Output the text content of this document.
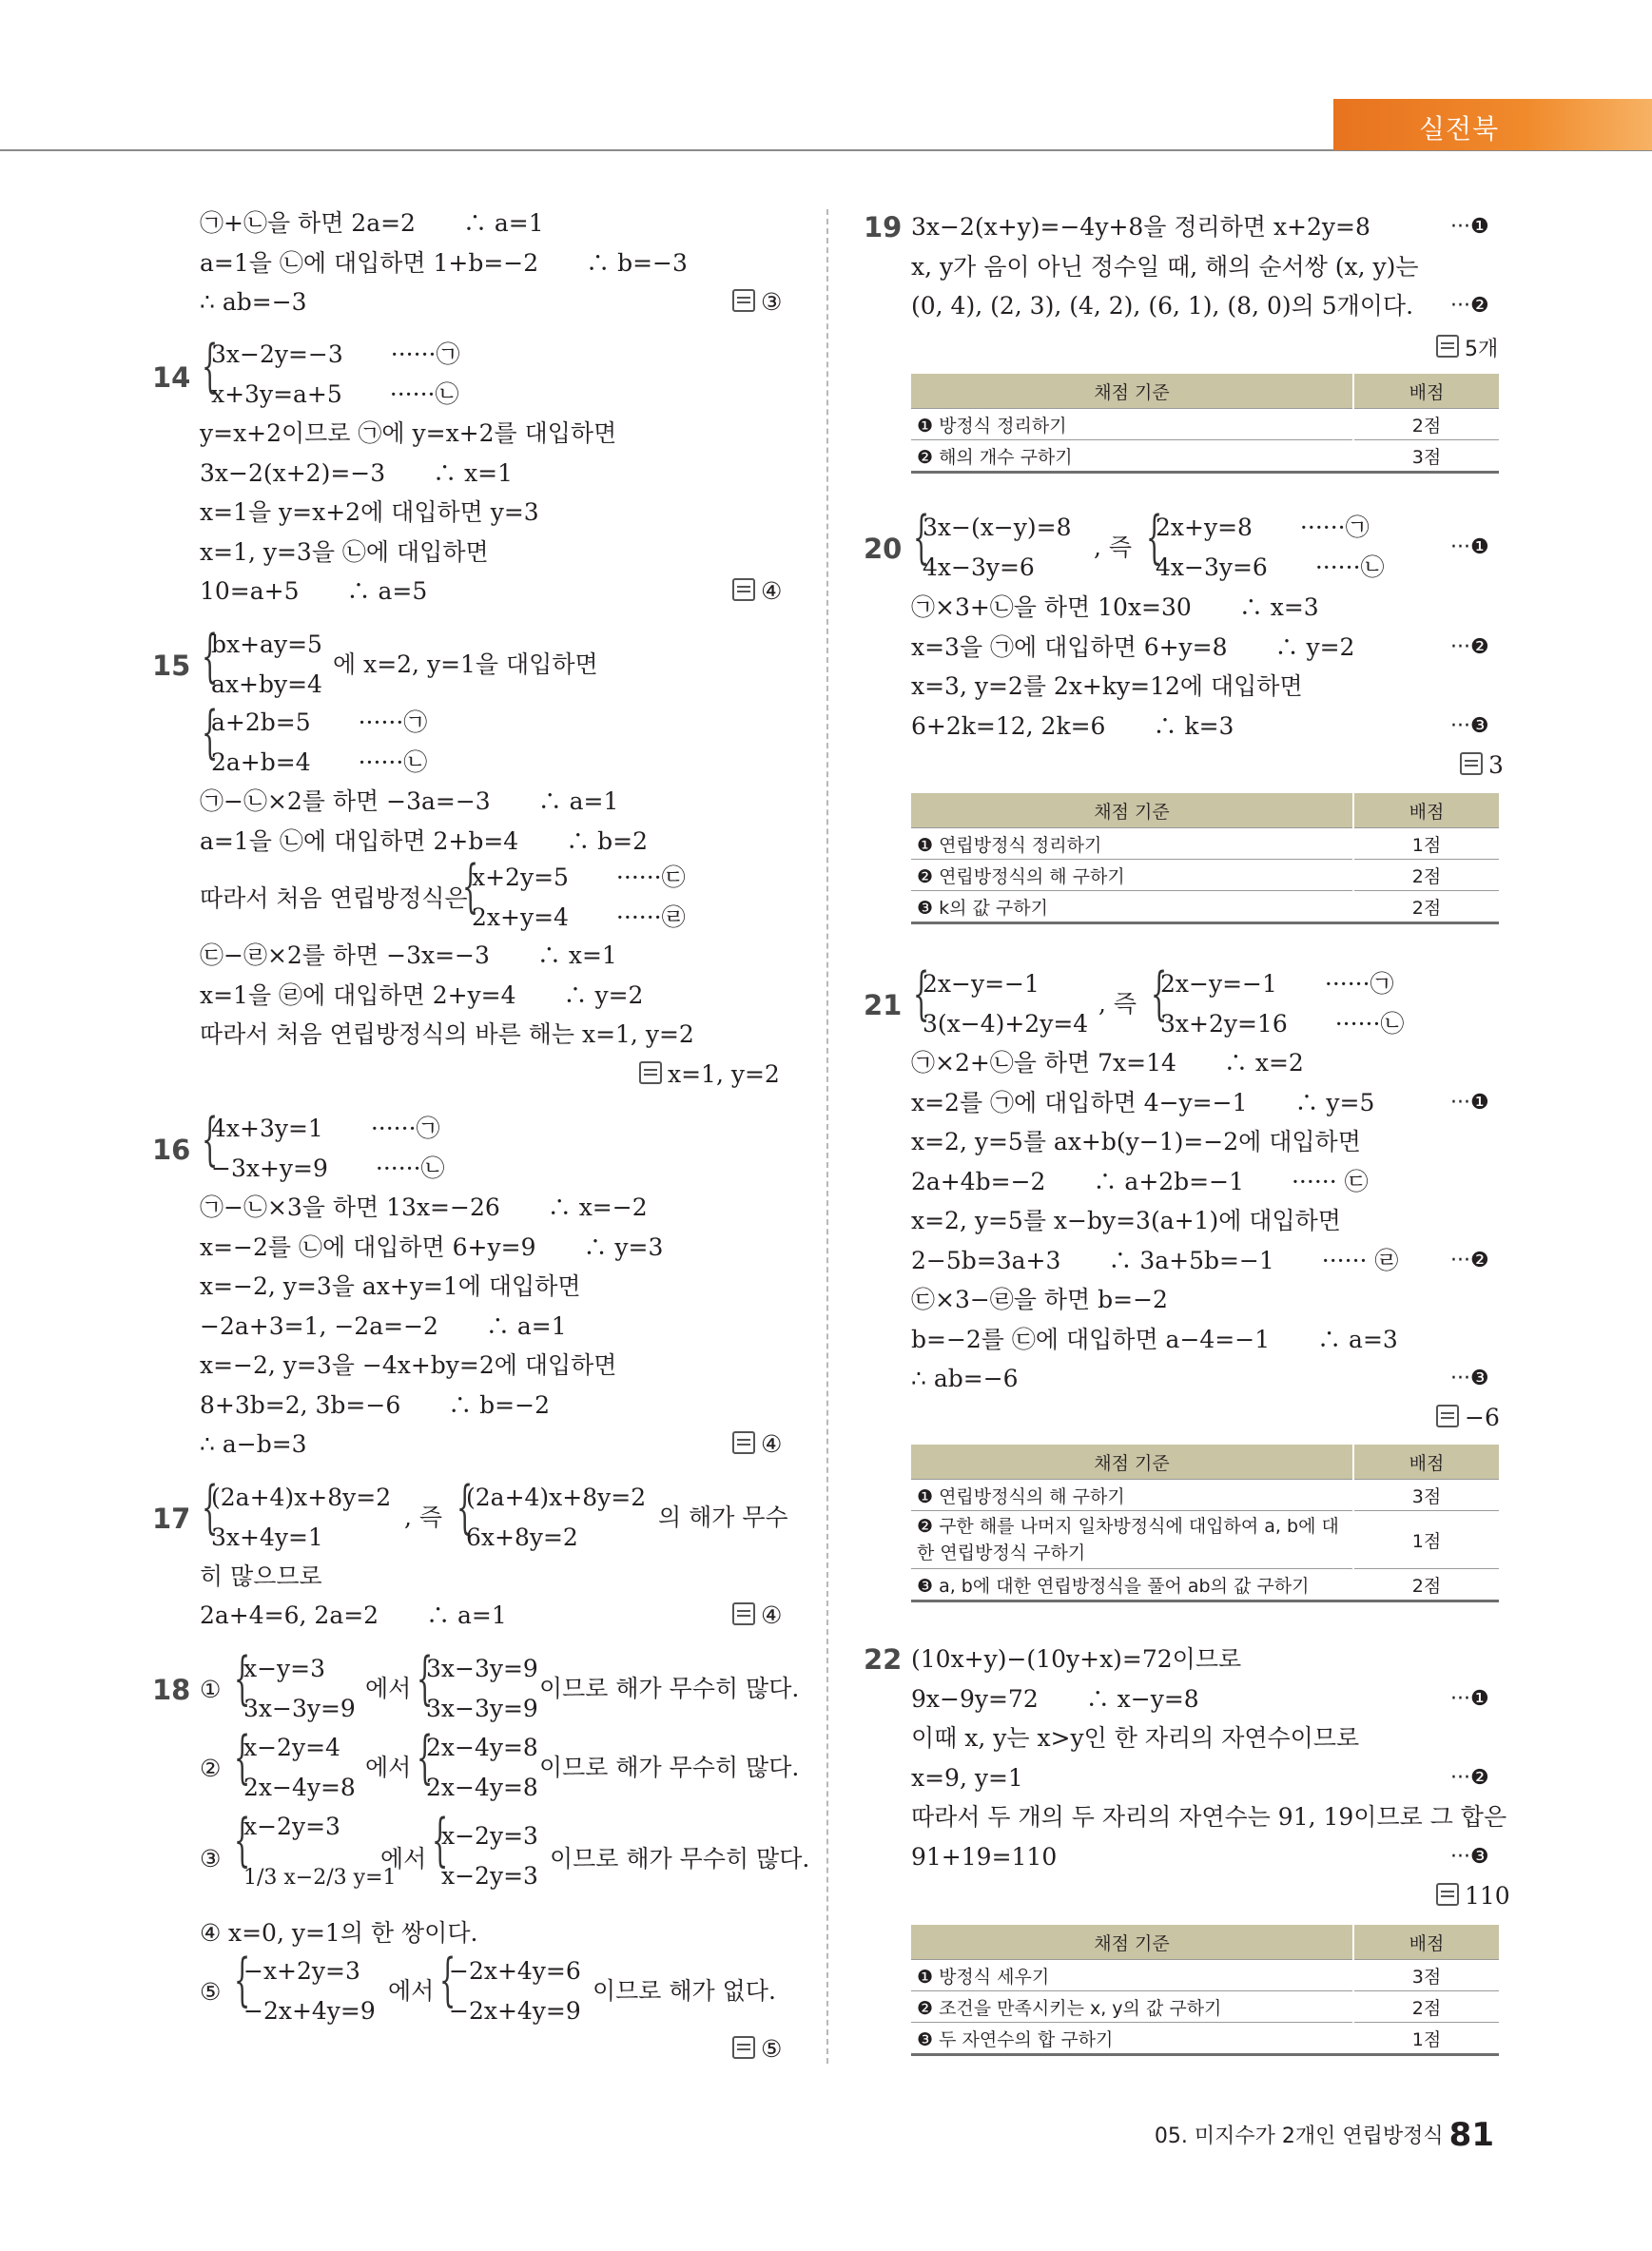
실전북
㉠+㉡을 하면 2a=2　　∴ a=1
a=1을 ㉡에 대입하면 1+b=−2　　∴ b=−3
∴ ab=−3	③
14 {
3x−2y=−3　　······㉠
x+3y=a+5　　······㉡
y=x+2이므로 ㉠에 y=x+2를 대입하면
3x−2(x+2)=−3　　∴ x=1
x=1을 y=x+2에 대입하면 y=3
x=1, y=3을 ㉡에 대입하면
10=a+5　　∴ a=5	④
15 {
bx+ay=5
ax+by=4
에 x=2, y=1을 대입하면
{
a+2b=5　　······㉠
2a+b=4　　······㉡
㉠−㉡×2를 하면 −3a=−3　　∴ a=1
a=1을 ㉡에 대입하면 2+b=4　　∴ b=2
따라서 처음 연립방정식은
{
x+2y=5　　······㉢
2x+y=4　　······㉣
㉢−㉣×2를 하면 −3x=−3　　∴ x=1
x=1을 ㉣에 대입하면 2+y=4　　∴ y=2
따라서 처음 연립방정식의 바른 해는 x=1, y=2
x=1, y=2
16 {
4x+3y=1　　······㉠
−3x+y=9　　······㉡
㉠−㉡×3을 하면 13x=−26　　∴ x=−2
x=−2를 ㉡에 대입하면 6+y=9　　∴ y=3
x=−2, y=3을 ax+y=1에 대입하면
−2a+3=1, −2a=−2　　∴ a=1
x=−2, y=3을 −4x+by=2에 대입하면
8+3b=2, 3b=−6　　∴ b=−2
∴ a−b=3	④
17 {
(2a+4)x+8y=2
3x+4y=1
, 즉 {
(2a+4)x+8y=2
6x+8y=2
의 해가 무수
히 많으므로
2a+4=6, 2a=2　　∴ a=1	④
18 ① {
x−y=3
3x−3y=9
에서 {
3x−3y=9
3x−3y=9
이므로 해가 무수히 많다.
② {
x−2y=4
2x−4y=8
에서 {
2x−4y=8
2x−4y=8
이므로 해가 무수히 많다.
③ {
x−2y=3
1/3 x−2/3 y=1
에서 {
x−2y=3
x−2y=3
이므로 해가 무수히 많다.
④ x=0, y=1의 한 쌍이다.
⑤ {
−x+2y=3
−2x+4y=9
에서 {
−2x+4y=6
−2x+4y=9
이므로 해가 없다.
⑤
19 3x−2(x+y)=−4y+8을 정리하면 x+2y=8	···❶
x, y가 음이 아닌 정수일 때, 해의 순서쌍 (x, y)는
(0, 4), (2, 3), (4, 2), (6, 1), (8, 0)의 5개이다. ···❷
5개
채점 기준	배점
❶ 방정식 정리하기	2점
❷ 해의 개수 구하기	3점
20 {
3x−(x−y)=8
4x−3y=6
, 즉 {
2x+y=8　　······㉠
4x−3y=6　　······㉡
···❶
㉠×3+㉡을 하면 10x=30　　∴ x=3
x=3을 ㉠에 대입하면 6+y=8　　∴ y=2	···❷
x=3, y=2를 2x+ky=12에 대입하면
6+2k=12, 2k=6　　∴ k=3	···❸
3
채점 기준	배점
❶ 연립방정식 정리하기	1점
❷ 연립방정식의 해 구하기	2점
❸ k의 값 구하기	2점
21 {
2x−y=−1
3(x−4)+2y=4
, 즉 {
2x−y=−1　　······㉠
3x+2y=16　　······㉡
㉠×2+㉡을 하면 7x=14　　∴ x=2
x=2를 ㉠에 대입하면 4−y=−1　　∴ y=5	···❶
x=2, y=5를 ax+b(y−1)=−2에 대입하면
2a+4b=−2　　∴ a+2b=−1　　······ ㉢
x=2, y=5를 x−by=3(a+1)에 대입하면
2−5b=3a+3　　∴ 3a+5b=−1　　······ ㉣ ···❷
㉢×3−㉣을 하면 b=−2
b=−2를 ㉢에 대입하면 a−4=−1　　∴ a=3
∴ ab=−6	···❸
−6
채점 기준	배점
❶ 연립방정식의 해 구하기	3점
❷ 구한 해를 나머지 일차방정식에 대입하여 a, b에 대한 연립방정식 구하기	1점
❸ a, b에 대한 연립방정식을 풀어 ab의 값 구하기	2점
22 (10x+y)−(10y+x)=72이므로
9x−9y=72　　∴ x−y=8	···❶
이때 x, y는 x>y인 한 자리의 자연수이므로
x=9, y=1	···❷
따라서 두 개의 두 자리의 자연수는 91, 19이므로 그 합은
91+19=110	···❸
110
채점 기준	배점
❶ 방정식 세우기	3점
❷ 조건을 만족시키는 x, y의 값 구하기	2점
❸ 두 자연수의 합 구하기	1점
05. 미지수가 2개인 연립방정식 81
